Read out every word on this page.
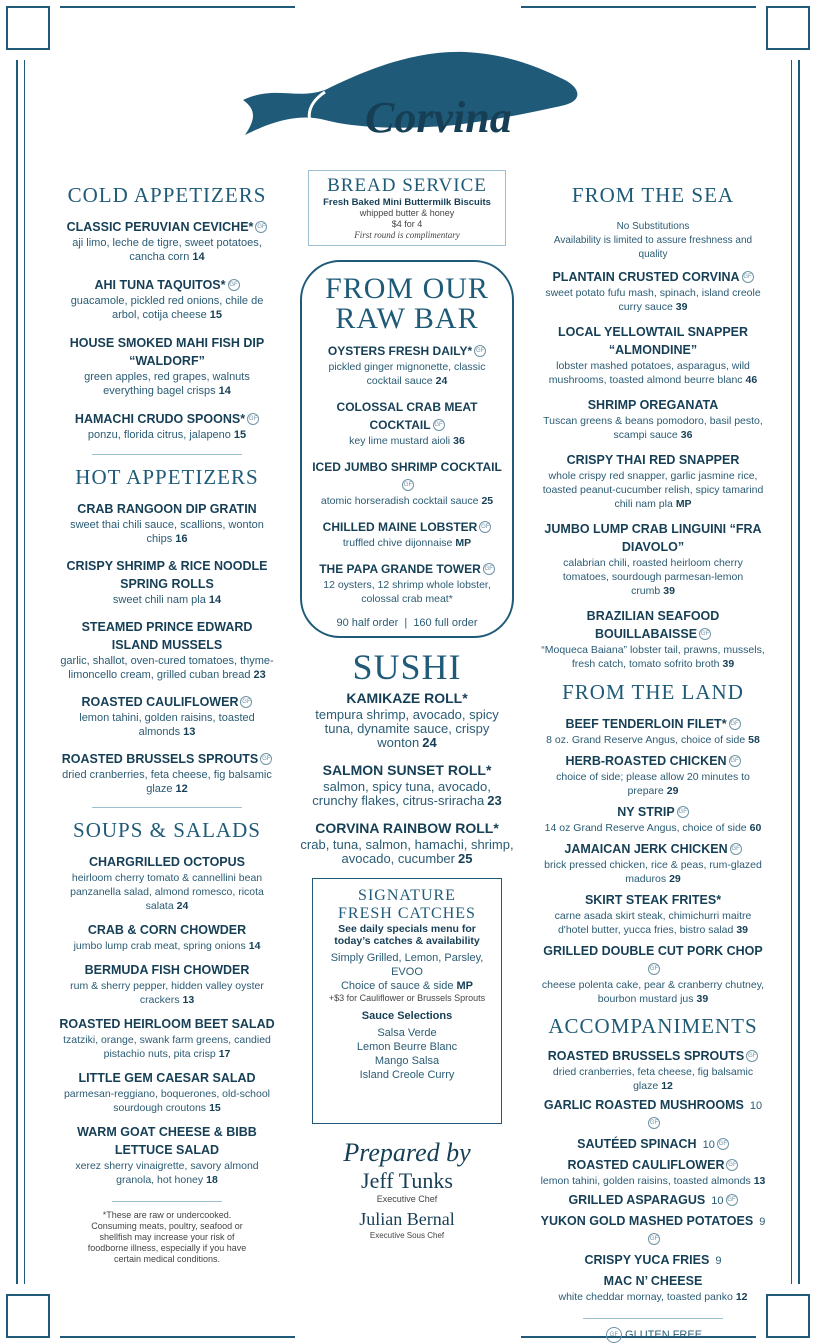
Corvina
COLD APPETIZERS
CLASSIC PERUVIAN CEVICHE* GF
aji limo, leche de tigre, sweet potatoes, cancha corn 14
AHI TUNA TAQUITOS* GF
guacamole, pickled red onions, chile de arbol, cotija cheese 15
HOUSE SMOKED MAHI FISH DIP “WALDORF”
green apples, red grapes, walnuts everything bagel crisps 14
HAMACHI CRUDO SPOONS* GF
ponzu, florida citrus, jalapeno 15
HOT APPETIZERS
CRAB RANGOON DIP GRATIN
sweet thai chili sauce, scallions, wonton chips 16
CRISPY SHRIMP & RICE NOODLE SPRING ROLLS
sweet chili nam pla 14
STEAMED PRINCE EDWARD ISLAND MUSSELS
garlic, shallot, oven-cured tomatoes, thyme-limoncello cream, grilled cuban bread 23
ROASTED CAULIFLOWER GF
lemon tahini, golden raisins, toasted almonds 13
ROASTED BRUSSELS SPROUTS GF
dried cranberries, feta cheese, fig balsamic glaze 12
SOUPS & SALADS
CHARGRILLED OCTOPUS
heirloom cherry tomato & cannellini bean panzanella salad, almond romesco, ricota salata 24
CRAB & CORN CHOWDER
jumbo lump crab meat, spring onions 14
BERMUDA FISH CHOWDER
rum & sherry pepper, hidden valley oyster crackers 13
ROASTED HEIRLOOM BEET SALAD
tzatziki, orange, swank farm greens, candied pistachio nuts, pita crisp 17
LITTLE GEM CAESAR SALAD
parmesan-reggiano, boquerones, old-school sourdough croutons 15
WARM GOAT CHEESE & BIBB LETTUCE SALAD
xerez sherry vinaigrette, savory almond granola, hot honey 18
*These are raw or undercooked. Consuming meats, poultry, seafood or shellfish may increase your risk of foodborne illness, especially if you have certain medical conditions.
BREAD SERVICE
Fresh Baked Mini Buttermilk Biscuits
whipped butter & honey
$4 for 4
First round is complimentary
FROM OUR RAW BAR
OYSTERS FRESH DAILY* GF
pickled ginger mignonette, classic cocktail sauce 24
COLOSSAL CRAB MEAT COCKTAIL GF
key lime mustard aioli 36
ICED JUMBO SHRIMP COCKTAILGF
atomic horseradish cocktail sauce 25
CHILLED MAINE LOBSTER GF
truffled chive dijonnaise MP
THE PAPA GRANDE TOWER GF
12 oysters, 12 shrimp whole lobster, colossal crab meat*
90 half order  |  160 full order
SUSHI
KAMIKAZE ROLL*
tempura shrimp, avocado, spicy tuna, dynamite sauce, crispy wonton 24
SALMON SUNSET ROLL*
salmon, spicy tuna, avocado, crunchy flakes, citrus-sriracha 23
CORVINA RAINBOW ROLL*
crab, tuna, salmon, hamachi, shrimp, avocado, cucumber 25
SIGNATURE
FRESH CATCHES
See daily specials menu for today’s catches & availability
Simply Grilled, Lemon, Parsley, EVOO
Choice of sauce & side MP
+$3 for Cauliflower or Brussels Sprouts
Sauce Selections
Salsa Verde
Lemon Beurre Blanc
Mango Salsa
Island Creole Curry
Prepared by
Jeff Tunks
Executive Chef
Julian Bernal
Executive Sous Chef
FROM THE SEA
No Substitutions
Availability is limited to assure freshness and quality
PLANTAIN CRUSTED CORVINA GF
sweet potato fufu mash, spinach, island creole curry sauce 39
LOCAL YELLOWTAIL SNAPPER “ALMONDINE”
lobster mashed potatoes, asparagus, wild mushrooms, toasted almond beurre blanc 46
SHRIMP OREGANATA
Tuscan greens & beans pomodoro, basil pesto, scampi sauce 36
CRISPY THAI RED SNAPPER
whole crispy red snapper, garlic jasmine rice, toasted peanut-cucumber relish, spicy tamarind chili nam pla MP
JUMBO LUMP CRAB LINGUINI “FRA DIAVOLO”
calabrian chili, roasted heirloom cherry tomatoes, sourdough parmesan-lemon crumb 39
BRAZILIAN SEAFOOD BOUILLABAISSE GF
“Moqueca Baiana” lobster tail, prawns, mussels, fresh catch, tomato sofrito broth 39
FROM THE LAND
BEEF TENDERLOIN FILET* GF
8 oz. Grand Reserve Angus, choice of side 58
HERB-ROASTED CHICKEN GF
choice of side; please allow 20 minutes to prepare 29
NY STRIP GF
14 oz Grand Reserve Angus, choice of side 60
JAMAICAN JERK CHICKEN GF
brick pressed chicken, rice & peas, rum-glazed maduros 29
SKIRT STEAK FRITES*
carne asada skirt steak, chimichurri maitre d'hotel butter, yucca fries, bistro salad 39
GRILLED DOUBLE CUT PORK CHOPGF
cheese polenta cake, pear & cranberry chutney, bourbon mustard jus 39
ACCOMPANIMENTS
ROASTED BRUSSELS SPROUTS GF
dried cranberries, feta cheese, fig balsamic glaze 12
GARLIC ROASTED MUSHROOMS 10GF
SAUTÉED SPINACH 10 GF
ROASTED CAULIFLOWER GF
lemon tahini, golden raisins, toasted almonds 13
GRILLED ASPARAGUS 10 GF
YUKON GOLD MASHED POTATOES 9GF
CRISPY YUCA FRIES 9
MAC N’ CHEESE
white cheddar mornay, toasted panko 12
GF GLUTEN FREE
